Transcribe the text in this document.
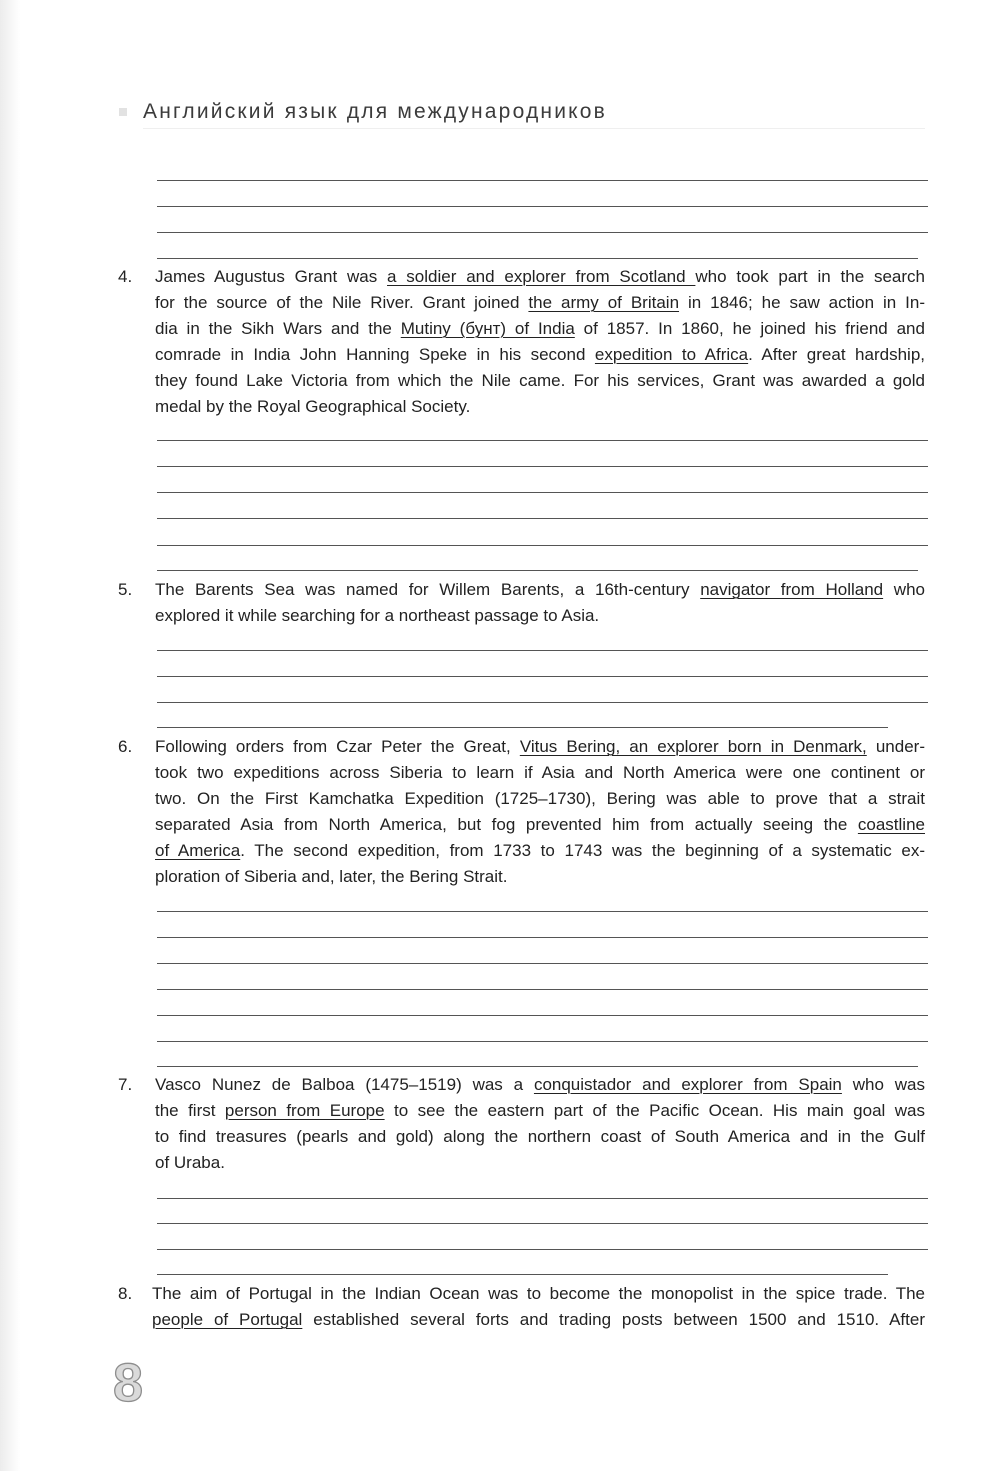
Английский язык для международников
4.	James Augustus Grant was a soldier and explorer from Scotland who took part in the search
for the source of the Nile River. Grant joined the army of Britain in 1846; he saw action in In-
dia in the Sikh Wars and the Mutiny (бунт) of India of 1857. In 1860, he joined his friend and
comrade in India John Hanning Speke in his second expedition to Africa. After great hardship,
they found Lake Victoria from which the Nile came. For his services, Grant was awarded a gold
medal by the Royal Geographical Society.
5.	The Barents Sea was named for Willem Barents, a 16th-century navigator from Holland who
explored it while searching for a northeast passage to Asia.
6.	Following orders from Czar Peter the Great, Vitus Bering, an explorer born in Denmark, under-
took two expeditions across Siberia to learn if Asia and North America were one continent or
two. On the First Kamchatka Expedition (1725–1730), Bering was able to prove that a strait
separated Asia from North America, but fog prevented him from actually seeing the coastline
of America. The second expedition, from 1733 to 1743 was the beginning of a systematic ex-
ploration of Siberia and, later, the Bering Strait.
7.	Vasco Nunez de Balboa (1475–1519) was a conquistador and explorer from Spain who was
the first person from Europe to see the eastern part of the Pacific Ocean. His main goal was
to find treasures (pearls and gold) along the northern coast of South America and in the Gulf
of Uraba.
8.	The aim of Portugal in the Indian Ocean was to become the monopolist in the spice trade. The
people of Portugal established several forts and trading posts between 1500 and 1510. After
8
